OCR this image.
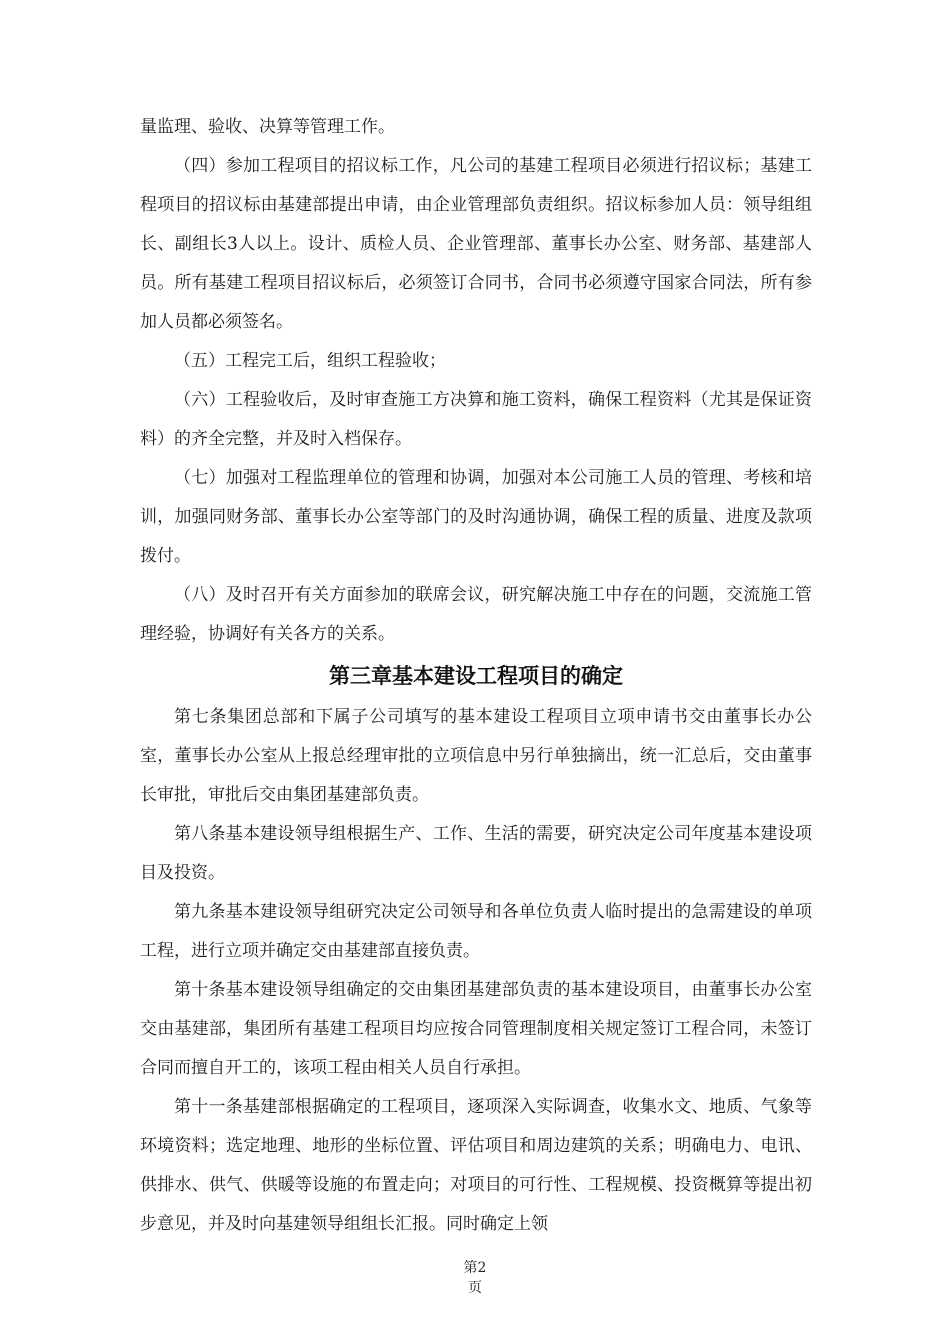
量监理、验收、决算等管理工作。

（四）参加工程项目的招议标工作，凡公司的基建工程项目必须进行招议标；基建工程项目的招议标由基建部提出申请，由企业管理部负责组织。招议标参加人员：领导组组长、副组长3人以上。设计、质检人员、企业管理部、董事长办公室、财务部、基建部人员。所有基建工程项目招议标后，必须签订合同书，合同书必须遵守国家合同法，所有参加人员都必须签名。

（五）工程完工后，组织工程验收；

（六）工程验收后，及时审查施工方决算和施工资料，确保工程资料（尤其是保证资料）的齐全完整，并及时入档保存。

（七）加强对工程监理单位的管理和协调，加强对本公司施工人员的管理、考核和培训，加强同财务部、董事长办公室等部门的及时沟通协调，确保工程的质量、进度及款项拨付。

（八）及时召开有关方面参加的联席会议，研究解决施工中存在的问题，交流施工管理经验，协调好有关各方的关系。

第三章基本建设工程项目的确定

第七条集团总部和下属子公司填写的基本建设工程项目立项申请书交由董事长办公室，董事长办公室从上报总经理审批的立项信息中另行单独摘出，统一汇总后，交由董事长审批，审批后交由集团基建部负责。

第八条基本建设领导组根据生产、工作、生活的需要，研究决定公司年度基本建设项目及投资。

第九条基本建设领导组研究决定公司领导和各单位负责人临时提出的急需建设的单项工程，进行立项并确定交由基建部直接负责。

第十条基本建设领导组确定的交由集团基建部负责的基本建设项目，由董事长办公室交由基建部，集团所有基建工程项目均应按合同管理制度相关规定签订工程合同，未签订合同而擅自开工的，该项工程由相关人员自行承担。

第十一条基建部根据确定的工程项目，逐项深入实际调查，收集水文、地质、气象等环境资料；选定地理、地形的坐标位置、评估项目和周边建筑的关系；明确电力、电讯、供排水、供气、供暖等设施的布置走向；对项目的可行性、工程规模、投资概算等提出初步意见，并及时向基建领导组组长汇报。同时确定上领

第2
页
